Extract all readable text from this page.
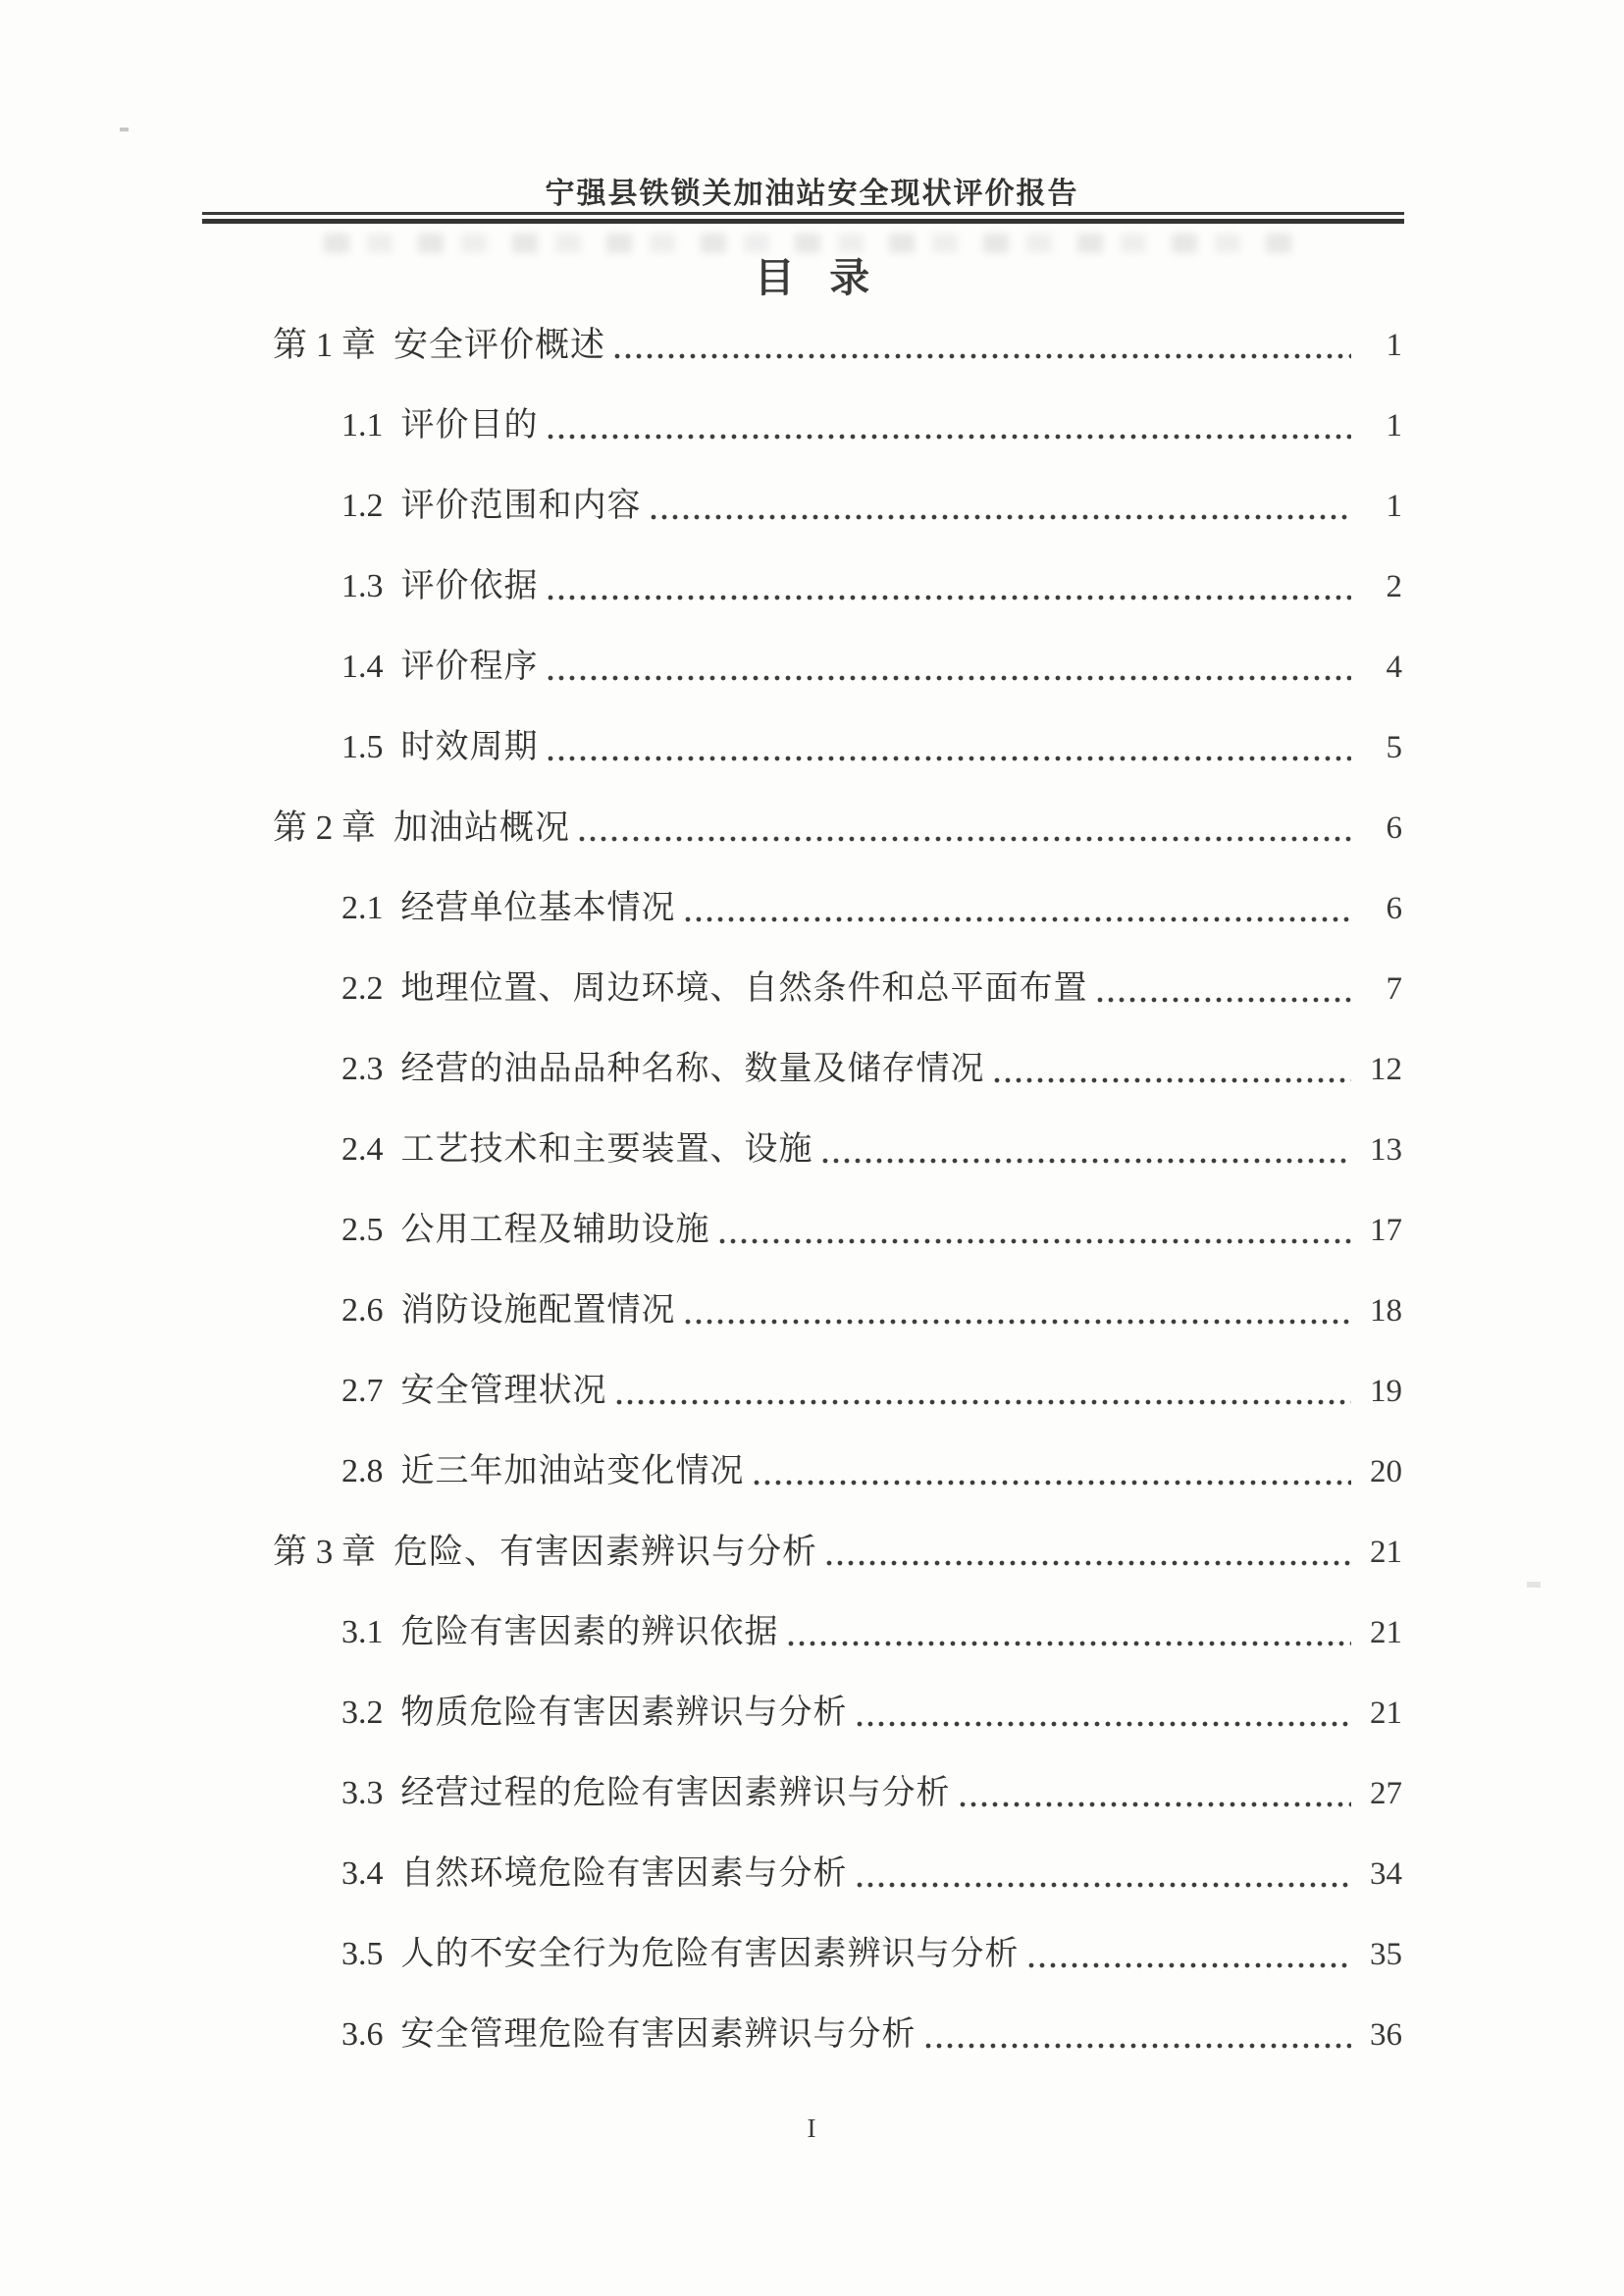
宁强县铁锁关加油站安全现状评价报告
目 录
第 1 章 安全评价概述	1
1.1 评价目的	1
1.2 评价范围和内容	1
1.3 评价依据	2
1.4 评价程序	4
1.5 时效周期	5
第 2 章 加油站概况	6
2.1 经营单位基本情况	6
2.2 地理位置、周边环境、自然条件和总平面布置	7
2.3 经营的油品品种名称、数量及储存情况	12
2.4 工艺技术和主要装置、设施	13
2.5 公用工程及辅助设施	17
2.6 消防设施配置情况	18
2.7 安全管理状况	19
2.8 近三年加油站变化情况	20
第 3 章 危险、有害因素辨识与分析	21
3.1 危险有害因素的辨识依据	21
3.2 物质危险有害因素辨识与分析	21
3.3 经营过程的危险有害因素辨识与分析	27
3.4 自然环境危险有害因素与分析	34
3.5 人的不安全行为危险有害因素辨识与分析	35
3.6 安全管理危险有害因素辨识与分析	36
I
